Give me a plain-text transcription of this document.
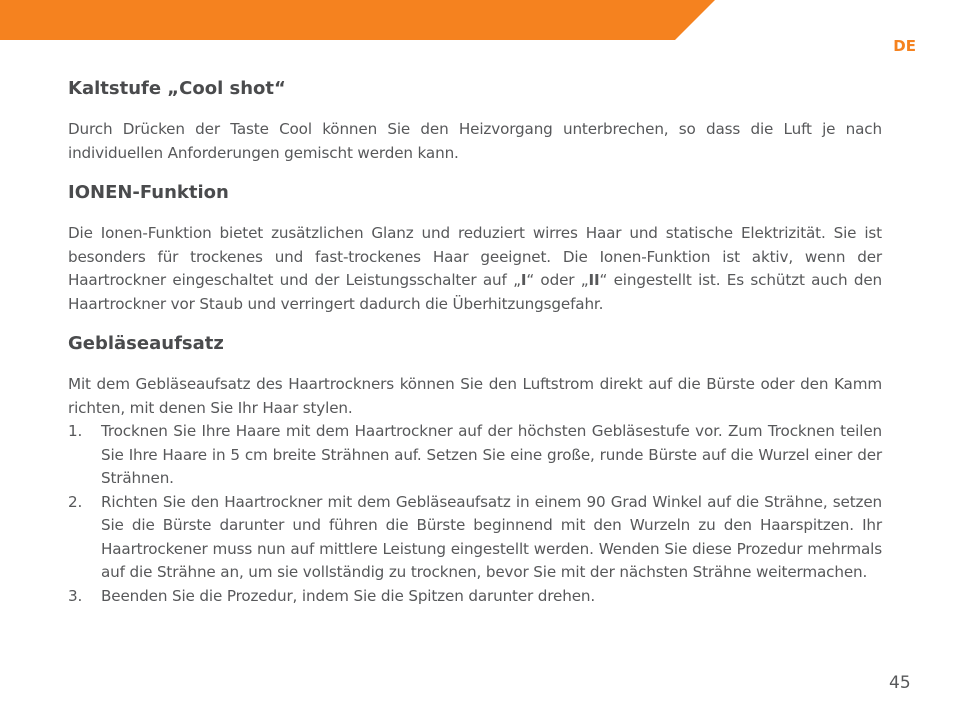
DE
Kaltstufe „Cool shot“

Durch Drücken der Taste Cool können Sie den Heizvorgang unterbrechen, so dass die Luft je nach individuellen Anforderungen gemischt werden kann.

IONEN-Funktion

Die Ionen-Funktion bietet zusätzlichen Glanz und reduziert wirres Haar und statische Elektrizität. Sie ist besonders für trockenes und fast-trockenes Haar geeignet. Die Ionen-Funktion ist aktiv, wenn der Haartrockner eingeschaltet und der Leistungsschalter auf „I“ oder „II“ eingestellt ist. Es schützt auch den Haartrockner vor Staub und verringert dadurch die Überhitzungsgefahr.

Gebläseaufsatz

Mit dem Gebläseaufsatz des Haartrockners können Sie den Luftstrom direkt auf die Bürste oder den Kamm richten, mit denen Sie Ihr Haar stylen.

1.	Trocknen Sie Ihre Haare mit dem Haartrockner auf der höchsten Gebläsestufe vor. Zum Trocknen teilen Sie Ihre Haare in 5 cm breite Strähnen auf. Setzen Sie eine große, runde Bürste auf die Wurzel einer der Strähnen.
2.	Richten Sie den Haartrockner mit dem Gebläseaufsatz in einem 90 Grad Winkel auf die Strähne, setzen Sie die Bürste darunter und führen die Bürste beginnend mit den Wurzeln zu den Haarspitzen. Ihr Haartrockener muss nun auf mittlere Leistung eingestellt werden. Wenden Sie diese Prozedur mehrmals auf die Strähne an, um sie vollständig zu trocknen, bevor Sie mit der nächsten Strähne weitermachen.
3.	Beenden Sie die Prozedur, indem Sie die Spitzen darunter drehen.
45
